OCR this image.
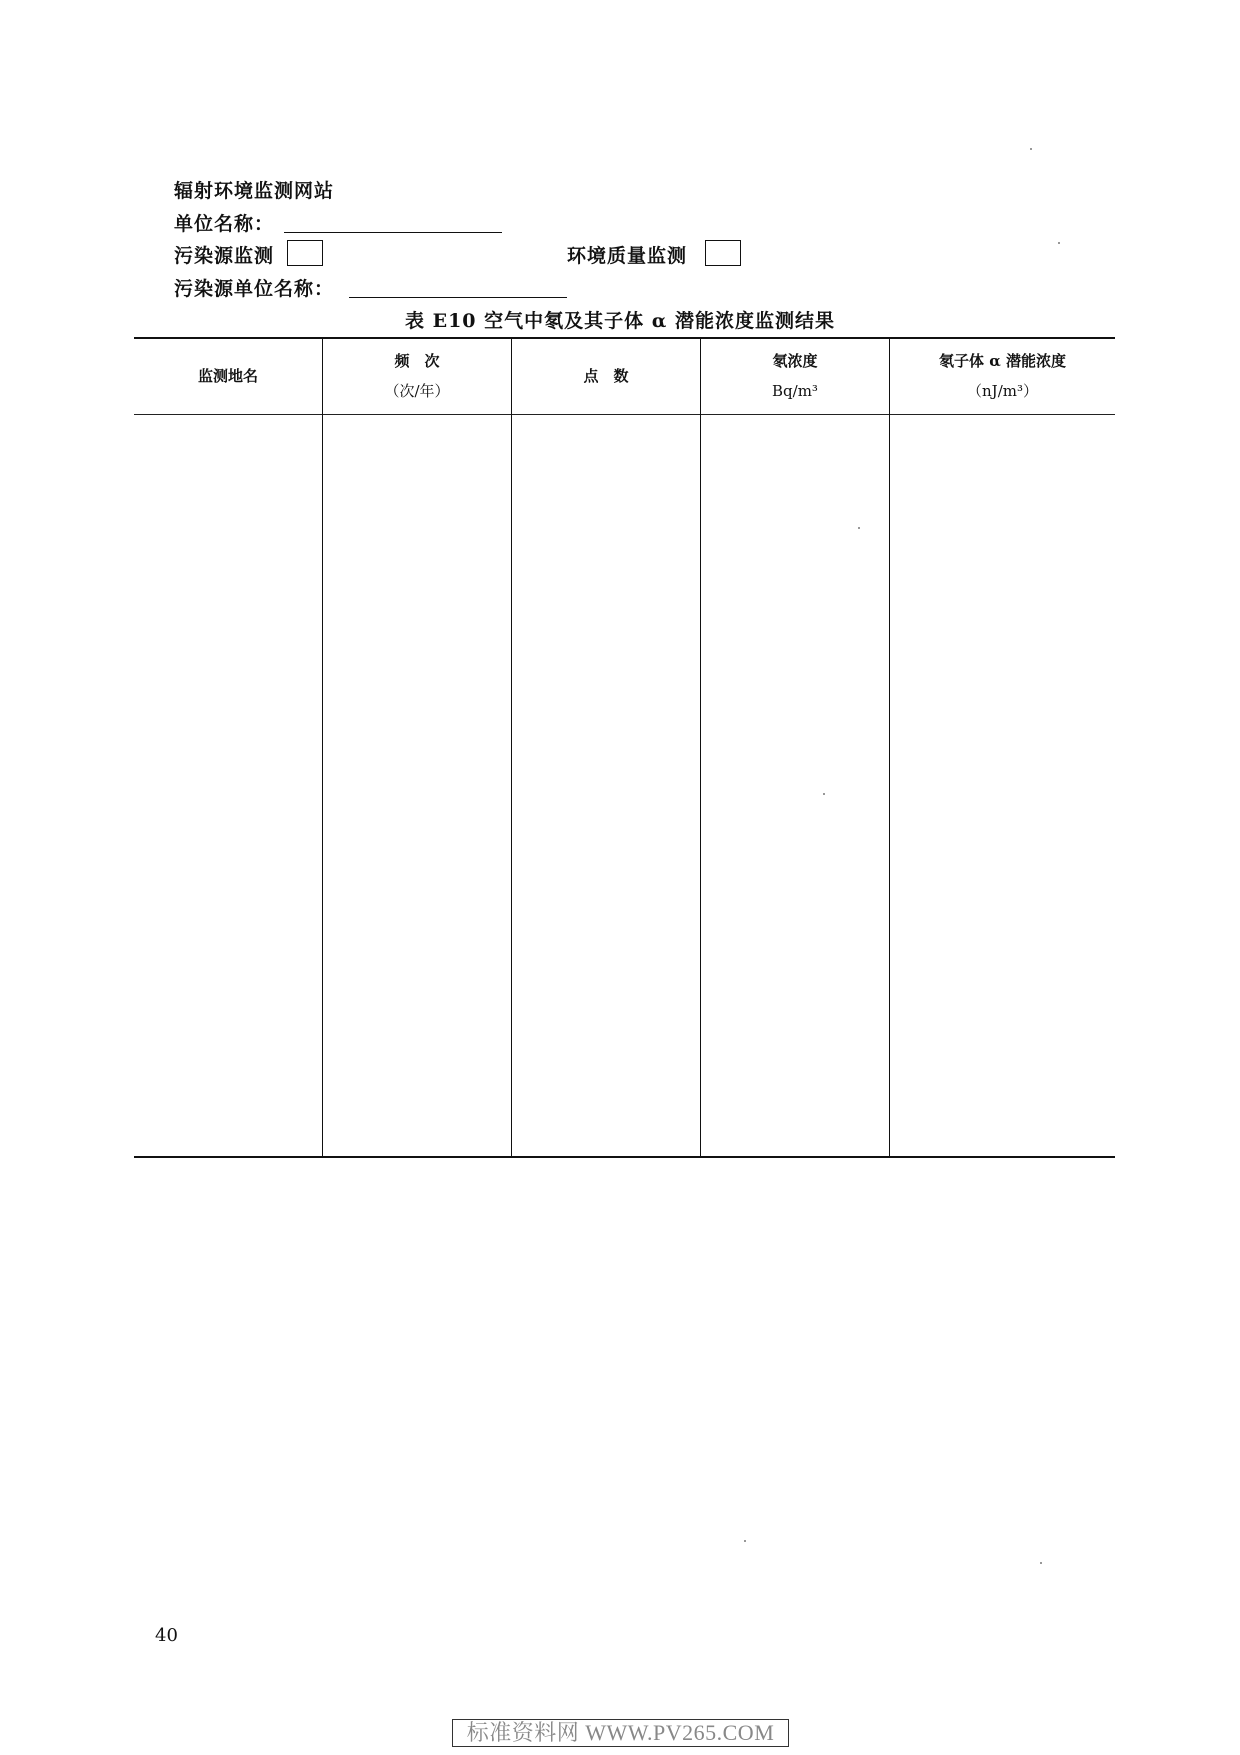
辐射环境监测网站
单位名称：
污染源监测	环境质量监测
污染源单位名称：
表 E10 空气中氡及其子体 α 潜能浓度监测结果
监测地名
频　次
（次/年）
点　数
氡浓度
Bq/m³
氡子体 α 潜能浓度
（nJ/m³）
40
标准资料网 WWW.PV265.COM
